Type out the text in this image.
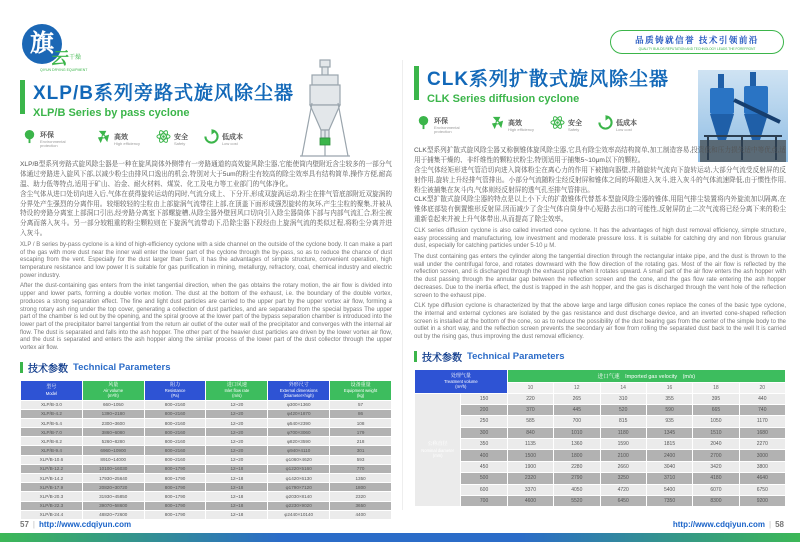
旗
云 干燥
QIYUN DRYING EQUIPMENT
品质铸就信誉 技术引领前沿
QUALITY BUILDS REPUTATION AND TECHNOLOGY LEADS THE FOREFRONT
XLP/B系列旁路式旋风除尘器
XLP/B Series by pass cyclone
环保
Environmental protection
高效
High efficiency
安全
Safety
低成本
Low cost

XLP/B型系列旁路式旋风除尘器是一种在旋风筒体外侧带有一旁路通道的高效旋风除尘器,它能使筒内壁附近含尘较多的一部分气体通过旁路进入旋风下部,以减少粉尘由排风口逸出的机会,特别对大于5um的粉尘有较高的除尘效率具有结构简单,操作方便,耐高温、助力低等特点,适用于矿山、冶金、耐火材料、煤炭、化工及电力等工业部门的气体净化。

含尘气体从进口处切向进入后,气体在获得旋转运动的同时,气流分成上、下分开,形成双旋涡运动,粉尘在排气管底部附近双旋涡的分界处产生强烈的分离作用。较细较轻的尘粒由上部旋涡气流带往上部,在顶盖下面形成强烈旋转的灰环,产生尘粒的聚集,并被从特设的旁路分离室上部洞口引出,经旁路分离室下部螺旋槽,从除尘器外壁回风口切向引入除尘器筒体下部与内部气流汇合,粉尘被分离而落入灰斗。另一部分较粗重的粉尘颗粒则在下旋涡气流带动下,沿除尘器下段经由上旋涡气流的类似过程,将粉尘分离并进入灰斗。

XLP / B series by-pass cyclone is a kind of high-efficiency cyclone with a side channel on the outside of the cyclone body. It can make a part of the gas with more dust near the inner wall enter the lower part of the cyclone through the by-pass, so as to reduce the chance of dust escaping from the vent. Especially for the dust larger than 5um, it has the advantages of simple structure, convenient operation, high temperature resistance and low power It is suitable for gas purification in mining, metallurgy, refractory, coal, chemical industry and electric power industry.

After the dust-containing gas enters from the inlet tangential direction, when the gas obtains the rotary motion, the air flow is divided into upper and lower parts, forming a double vortex motion. The dust at the bottom of the exhaust, i.e. the boundary of the double vortex, produces a strong separation effect. The fine and light dust particles are carried to the upper part by the upper vortex air flow, forming a strong rotary ash ring under the top cover, generating a collection of dust particles, and are separated from the special bypass The upper part of the chamber is led out by the opening, and the spiral groove at the lower part of the bypass separation chamber is introduced into the lower part of the precipitator barrel tangential from the return air outlet of the outer wall of the precipitator and converges with the internal air flow. The dust is separated and falls into the ash hopper. The other part of the heavier dust particles are driven by the lower vortex air flow, and the dust is separated and enters the ash hopper along the similar process of the lower part of the dust collector through the upper vortex air flow.

技术参数 Technical Parameters
型号
Model

风量
Air volume
(m³/h)

阻力
Resistance
(Pa)

进口风速
Inlet flow rate
(m/s)

外形尺寸
External dimensions
(Diameter×high)

设备重量
Equipment weight
(kg)

XLP/B-3.0	660~1050	800~2160	12~20	φ300×1360	57
XLP/B-4.2	1390~2180	800~2160	12~20	φ420×1870	86
XLP/B-5.4	2300~3600	800~2160	12~20	φ540×2390	108
XLP/B-7.0	3860~6080	800~2160	12~20	φ700×3060	179
XLP/B-8.2	5260~8280	800~2160	12~20	φ820×3590	218
XLP/B-9.4	6960~10900	800~2160	12~20	φ940×4110	301
XLP/B-10.6	8910~14000	800~2160	12~20	φ1060×4620	593
XLP/B-12.2	10100~16030	800~1790	12~18	φ1220×5160	770
XLP/B-14.2	17930~25640	800~1790	12~18	φ1420×6130	1350
XLP/B-17.9	20820~30720	800~1790	12~18	φ1790×7120	1800
XLP/B-20.3	31930~45850	800~1790	12~18	φ2030×8140	2320
XLP/B-22.3	39070~58600	800~1790	12~18	φ2230×9020	3650
XLP/B-24.4	48820~72600	800~1790	12~18	φ2440×10140	4400
CLK系列扩散式旋风除尘器
CLK Series diffusion cyclone
环保
Environmental protection
高效
High efficiency
安全
Safety
低成本
Low cost

CLK型系列扩散式旋风除尘器又称倒锥体旋风除尘器,它具有除尘效率高结构简单,加工制造容易,投资低和压力损失适中等优点,适用于捕集干燥的、非纤维性的颗粒状粉尘,特别适用于捕集5~10μm以下的颗粒。

含尘气体经矩形进气管沿切向进入筒体粉尘在离心力的作用下被抛向器壁,并随旋转气流向下旋转运动,大部分气流受反射屏的反射作用,旋转上升经排气管排出。小部分气流随粉尘经反射屏和锥体之间的环隙进入灰斗,进入灰斗的气体流速降低,由于惯性作用,粉尘被捕集在灰斗内,气体则经反射屏的透气孔至排气管排出。

CLK型扩散式旋风除尘器的特点是以上小下大的扩散锥体代替基本型旋风除尘器的锥体,用阻气排尘装置将内外旋流加以隔离,在锥体底部装有倒置锥形反射屏,因而减少了含尘气体自筒身中心短路去出口的可能性,反射屏防止二次气流将已经分离下来的粉尘重新卷起来并被上升气体带出,从而提高了除尘效率。

CLK series diffusion cyclone is also called inverted cone cyclone. It has the advantages of high dust removal efficiency, simple structure, easy processing and manufacturing, low investment and moderate pressure loss. It is suitable for catching dry and non fibrous granular dust, especially for catching particles under 5-10 μ M.

The dust containing gas enters the cylinder along the tangential direction through the rectangular intake pipe, and the dust is thrown to the wall under the centrifugal force, and rotates downward with the flow direction of the rotating gas. Most of the air flow is reflected by the reflection screen, and is discharged through the exhaust pipe when it rotates upward. A small part of the air flow enters the ash hopper with the dust passing through the annular gap between the reflection screen and the cone, and the gas flow rate entering the ash hopper decreases. Due to the inertia effect, the dust is trapped in the ash hopper, and the gas is discharged through the vent hole of the reflection screen to the exhaust pipe.

CLK type diffusion cyclone is characterized by that the above large and large diffusion cones replace the cones of the basic type cyclone, the internal and external cyclones are isolated by the gas resistance and dust discharge device, and an inverted cone-shaped reflection screen is installed at the bottom of the cone, so as to reduce the possibility of the dust bearing gas from the center of the simple body to the outlet in a short way, and the reflection screen prevents the secondary air flow from rolling the separated dust back to the well It is carried out by the rising gas, thus improving the dust removal efficiency.

技术参数 Technical Parameters
处理气量
Treatment volume
(m³/h)		进口气速　Imported gas velocity　(m/s)					
		10	12	14	16	18	20

公称直径
Nominal diameter
(mm)	150	220	265	310	355	395	440
	200	370	445	520	590	665	740
	250	585	700	815	935	1050	1170
	300	840	1010	1180	1345	1510	1680
	350	1135	1360	1590	1815	2040	2270
	400	1500	1800	2100	2400	2700	3000
	450	1900	2280	2660	3040	3420	3800
	500	2320	2790	3250	3710	4180	4640
	600	3370	4050	4720	5400	6070	6750
	700	4600	5520	6450	7350	8300	9200
57 | http://www.cdqiyun.com	http://www.cdqiyun.com | 58
